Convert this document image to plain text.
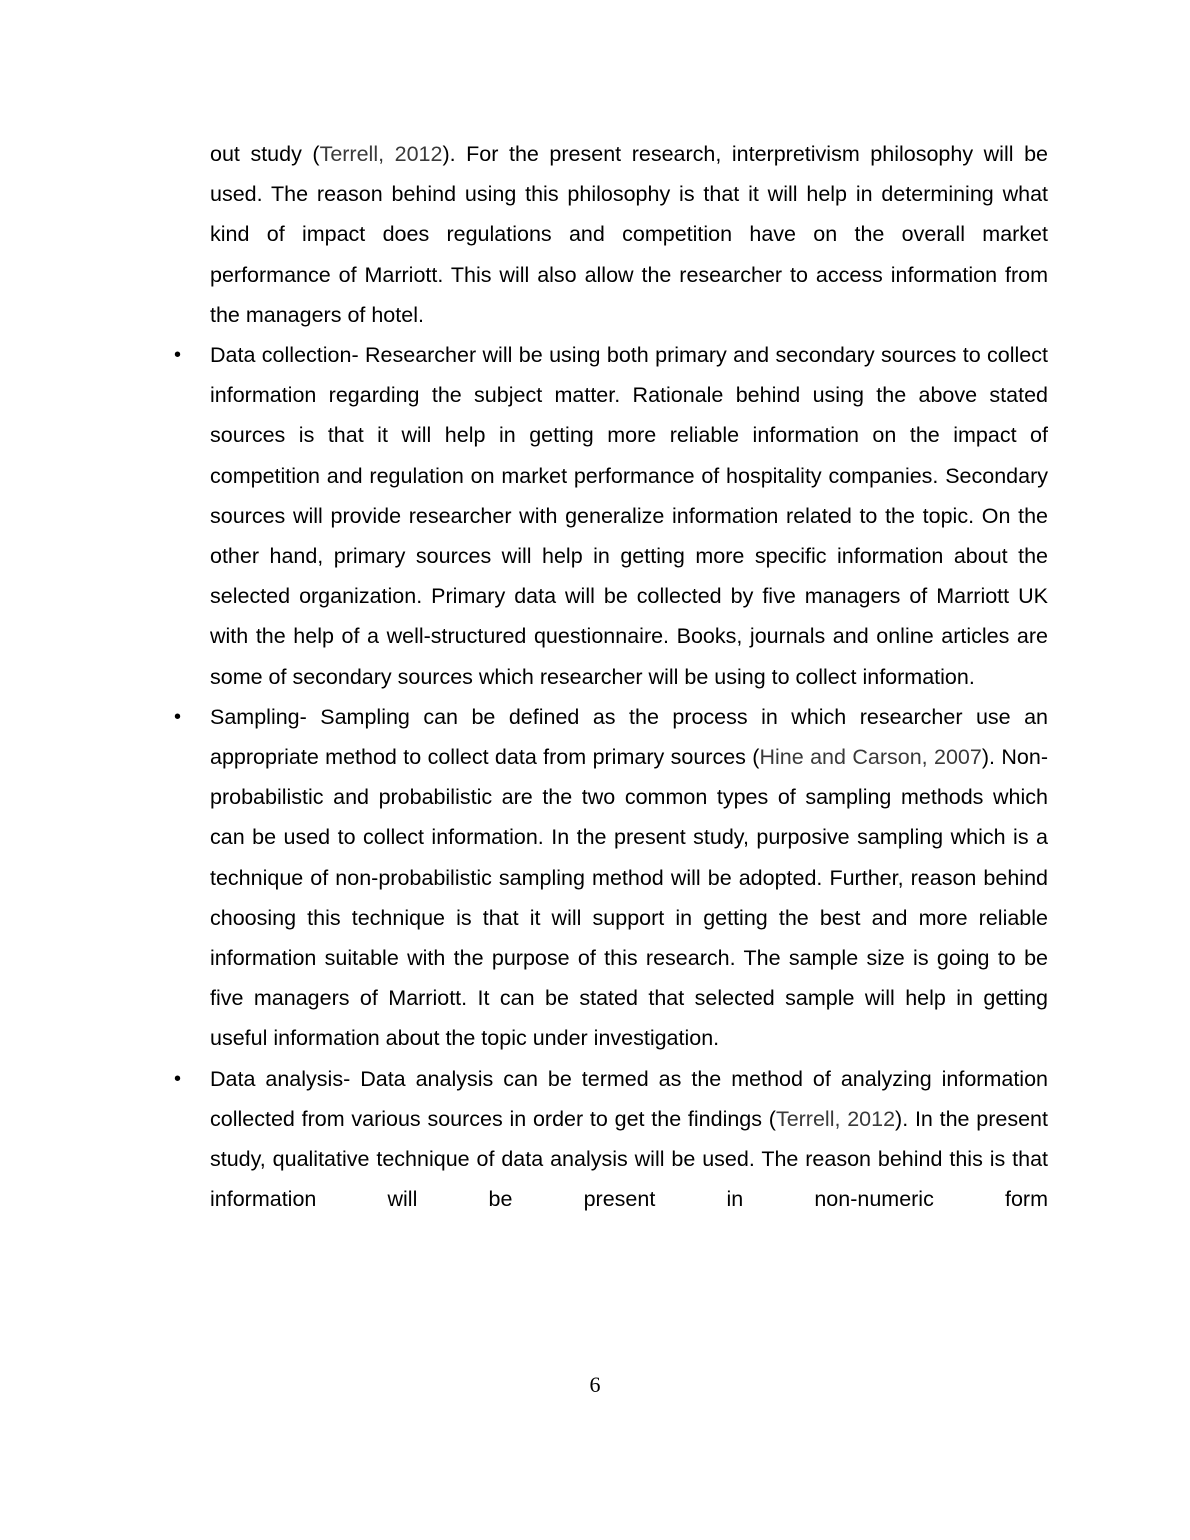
out study (Terrell, 2012). For the present research, interpretivism philosophy will be used. The reason behind using this philosophy is that it will help in determining what kind of impact does regulations and competition have on the overall market performance of Marriott. This will also allow the researcher to access information from the managers of hotel.

• Data collection- Researcher will be using both primary and secondary sources to collect information regarding the subject matter. Rationale behind using the above stated sources is that it will help in getting more reliable information on the impact of competition and regulation on market performance of hospitality companies. Secondary sources will provide researcher with generalize information related to the topic. On the other hand, primary sources will help in getting more specific information about the selected organization. Primary data will be collected by five managers of Marriott UK with the help of a well-structured questionnaire. Books, journals and online articles are some of secondary sources which researcher will be using to collect information.

• Sampling- Sampling can be defined as the process in which researcher use an appropriate method to collect data from primary sources (Hine and Carson, 2007). Non-probabilistic and probabilistic are the two common types of sampling methods which can be used to collect information. In the present study, purposive sampling which is a technique of non-probabilistic sampling method will be adopted. Further, reason behind choosing this technique is that it will support in getting the best and more reliable information suitable with the purpose of this research. The sample size is going to be five managers of Marriott. It can be stated that selected sample will help in getting useful information about the topic under investigation.

• Data analysis- Data analysis can be termed as the method of analyzing information collected from various sources in order to get the findings (Terrell, 2012). In the present study, qualitative technique of data analysis will be used. The reason behind this is that information will be present in non-numeric form

6
